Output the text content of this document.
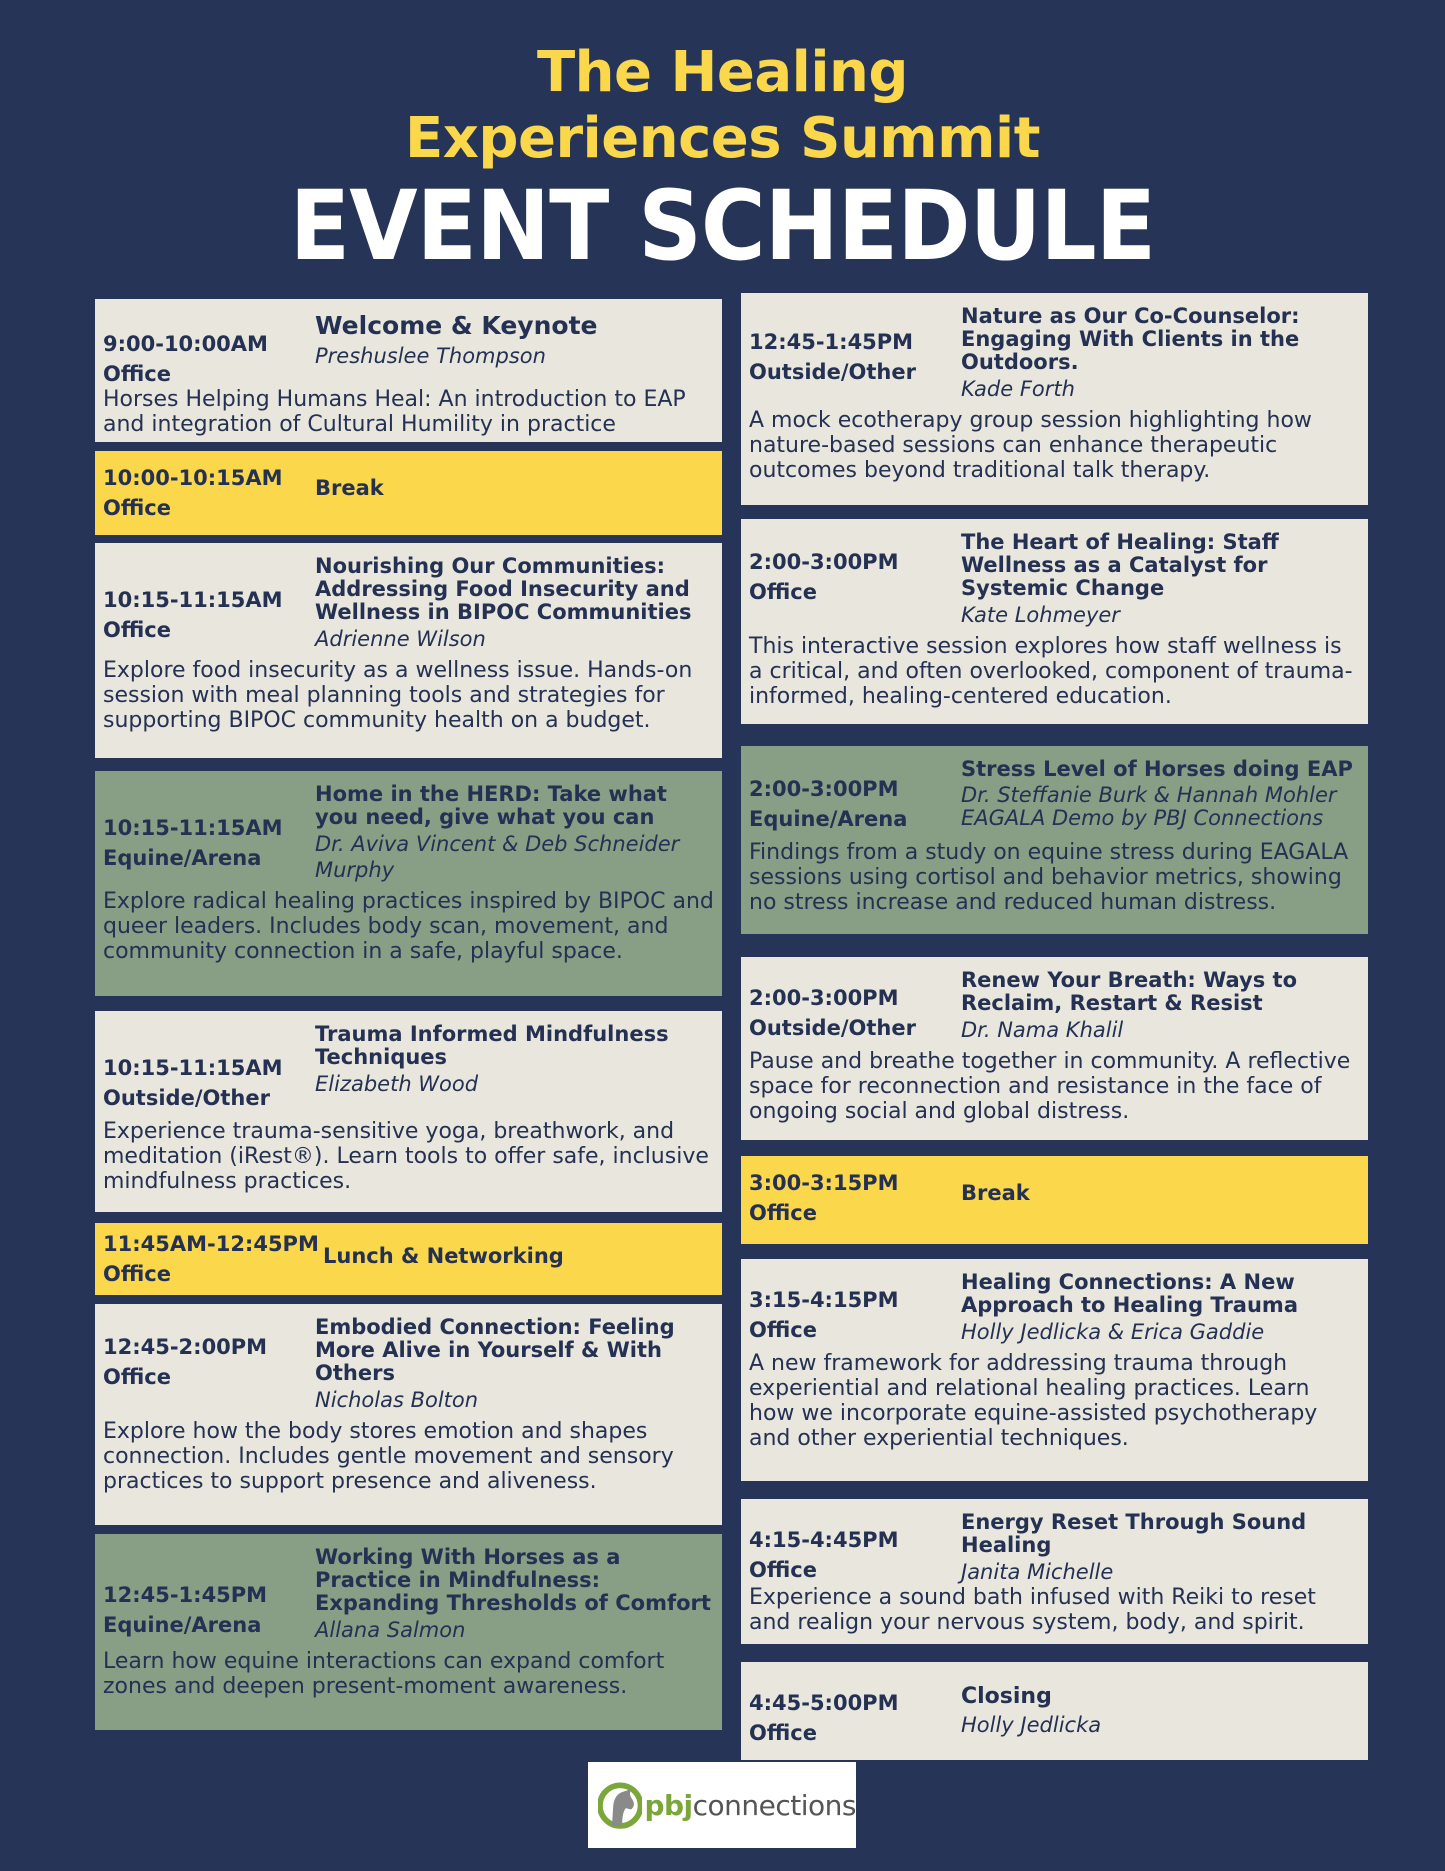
The Healing
Experiences Summit
EVENT SCHEDULE
9:00-10:00AM
Office
Welcome & Keynote
Preshuslee Thompson
Horses Helping Humans Heal: An introduction to EAP and integration of Cultural Humility in practice
10:00-10:15AM
Office
Break
10:15-11:15AM
Office
Nourishing Our Communities: Addressing Food Insecurity and Wellness in BIPOC Communities
Adrienne Wilson
Explore food insecurity as a wellness issue. Hands-on session with meal planning tools and strategies for supporting BIPOC community health on a budget.
10:15-11:15AM
Equine/Arena
Home in the HERD: Take what you need, give what you can
Dr. Aviva Vincent & Deb Schneider Murphy
Explore radical healing practices inspired by BIPOC and queer leaders. Includes body scan, movement, and community connection in a safe, playful space.
10:15-11:15AM
Outside/Other
Trauma Informed Mindfulness Techniques
Elizabeth Wood
Experience trauma-sensitive yoga, breathwork, and meditation (iRest®). Learn tools to offer safe, inclusive mindfulness practices.
11:45AM-12:45PM
Office
Lunch & Networking
12:45-2:00PM
Office
Embodied Connection: Feeling More Alive in Yourself & With Others
Nicholas Bolton
Explore how the body stores emotion and shapes connection. Includes gentle movement and sensory practices to support presence and aliveness.
12:45-1:45PM
Equine/Arena
Working With Horses as a Practice in Mindfulness: Expanding Thresholds of Comfort
Allana Salmon
Learn how equine interactions can expand comfort zones and deepen present-moment awareness.
12:45-1:45PM
Outside/Other
Nature as Our Co-Counselor: Engaging With Clients in the Outdoors.
Kade Forth
A mock ecotherapy group session highlighting how nature-based sessions can enhance therapeutic outcomes beyond traditional talk therapy.
2:00-3:00PM
Office
The Heart of Healing: Staff Wellness as a Catalyst for Systemic Change
Kate Lohmeyer
This interactive session explores how staff wellness is a critical, and often overlooked, component of trauma-informed, healing-centered education.
2:00-3:00PM
Equine/Arena
Stress Level of Horses doing EAP
Dr. Steffanie Burk & Hannah Mohler
EAGALA Demo by PBJ Connections
Findings from a study on equine stress during EAGALA sessions using cortisol and behavior metrics, showing no stress increase and reduced human distress.
2:00-3:00PM
Outside/Other
Renew Your Breath: Ways to Reclaim, Restart & Resist
Dr. Nama Khalil
Pause and breathe together in community. A reflective space for reconnection and resistance in the face of ongoing social and global distress.
3:00-3:15PM
Office
Break
3:15-4:15PM
Office
Healing Connections: A New Approach to Healing Trauma
Holly Jedlicka & Erica Gaddie
A new framework for addressing trauma through experiential and relational healing practices. Learn how we incorporate equine-assisted psychotherapy and other experiential techniques.
4:15-4:45PM
Office
Energy Reset Through Sound Healing
Janita Michelle
Experience a sound bath infused with Reiki to reset and realign your nervous system, body, and spirit.
4:45-5:00PM
Office
Closing
Holly Jedlicka
pbjconnections
